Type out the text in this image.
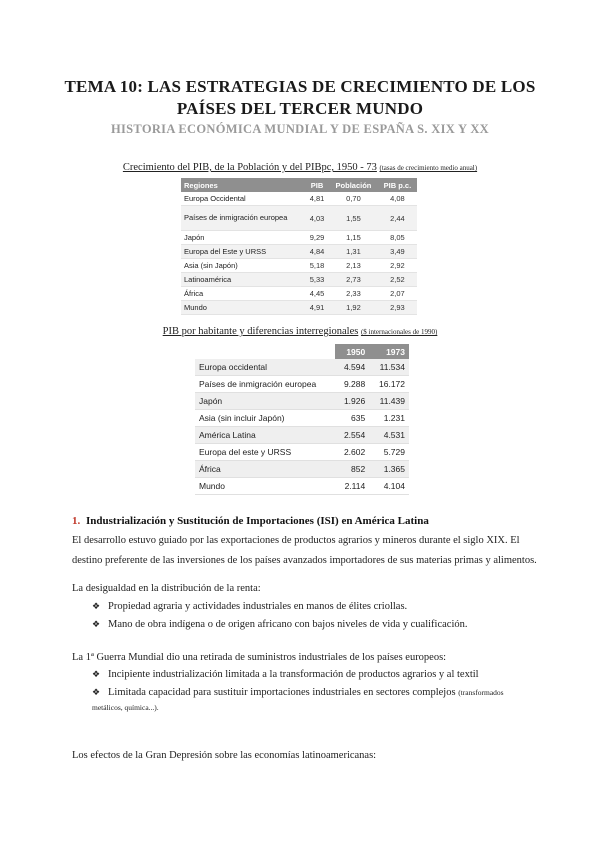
TEMA 10: LAS ESTRATEGIAS DE CRECIMIENTO DE LOS
PAÍSES DEL TERCER MUNDO
HISTORIA ECONÓMICA MUNDIAL Y DE ESPAÑA S. XIX Y XX
Crecimiento del PIB, de la Población y del PIBpc, 1950 - 73 (tasas de crecimiento medio anual)
Regiones	PIB	Población	PIB p.c.
Europa Occidental	4,81	0,70	4,08
Países de inmigración europea	4,03	1,55	2,44
Japón	9,29	1,15	8,05
Europa del Este y URSS	4,84	1,31	3,49
Asia (sin Japón)	5,18	2,13	2,92
Latinoamérica	5,33	2,73	2,52
África	4,45	2,33	2,07
Mundo	4,91	1,92	2,93
PIB por habitante y diferencias interregionales ($ internacionales de 1990)
	1950	1973
Europa occidental	4.594	11.534
Países de inmigración europea	9.288	16.172
Japón	1.926	11.439
Asia (sin incluir Japón)	635	1.231
América Latina	2.554	4.531
Europa del este y URSS	2.602	5.729
África	852	1.365
Mundo	2.114	4.104
1. Industrialización y Sustitución de Importaciones (ISI) en América Latina
El desarrollo estuvo guiado por las exportaciones de productos agrarios y mineros durante el siglo XIX. El
destino preferente de las inversiones de los países avanzados importadores de sus materias primas y alimentos.
La desigualdad en la distribución de la renta:
❖ Propiedad agraria y actividades industriales en manos de élites criollas.
❖ Mano de obra indígena o de origen africano con bajos niveles de vida y cualificación.
La 1ª Guerra Mundial dio una retirada de suministros industriales de los países europeos:
❖ Incipiente industrialización limitada a la transformación de productos agrarios y al textil
❖ Limitada capacidad para sustituir importaciones industriales en sectores complejos (transformados
metálicos, química...).
Los efectos de la Gran Depresión sobre las economías latinoamericanas:
